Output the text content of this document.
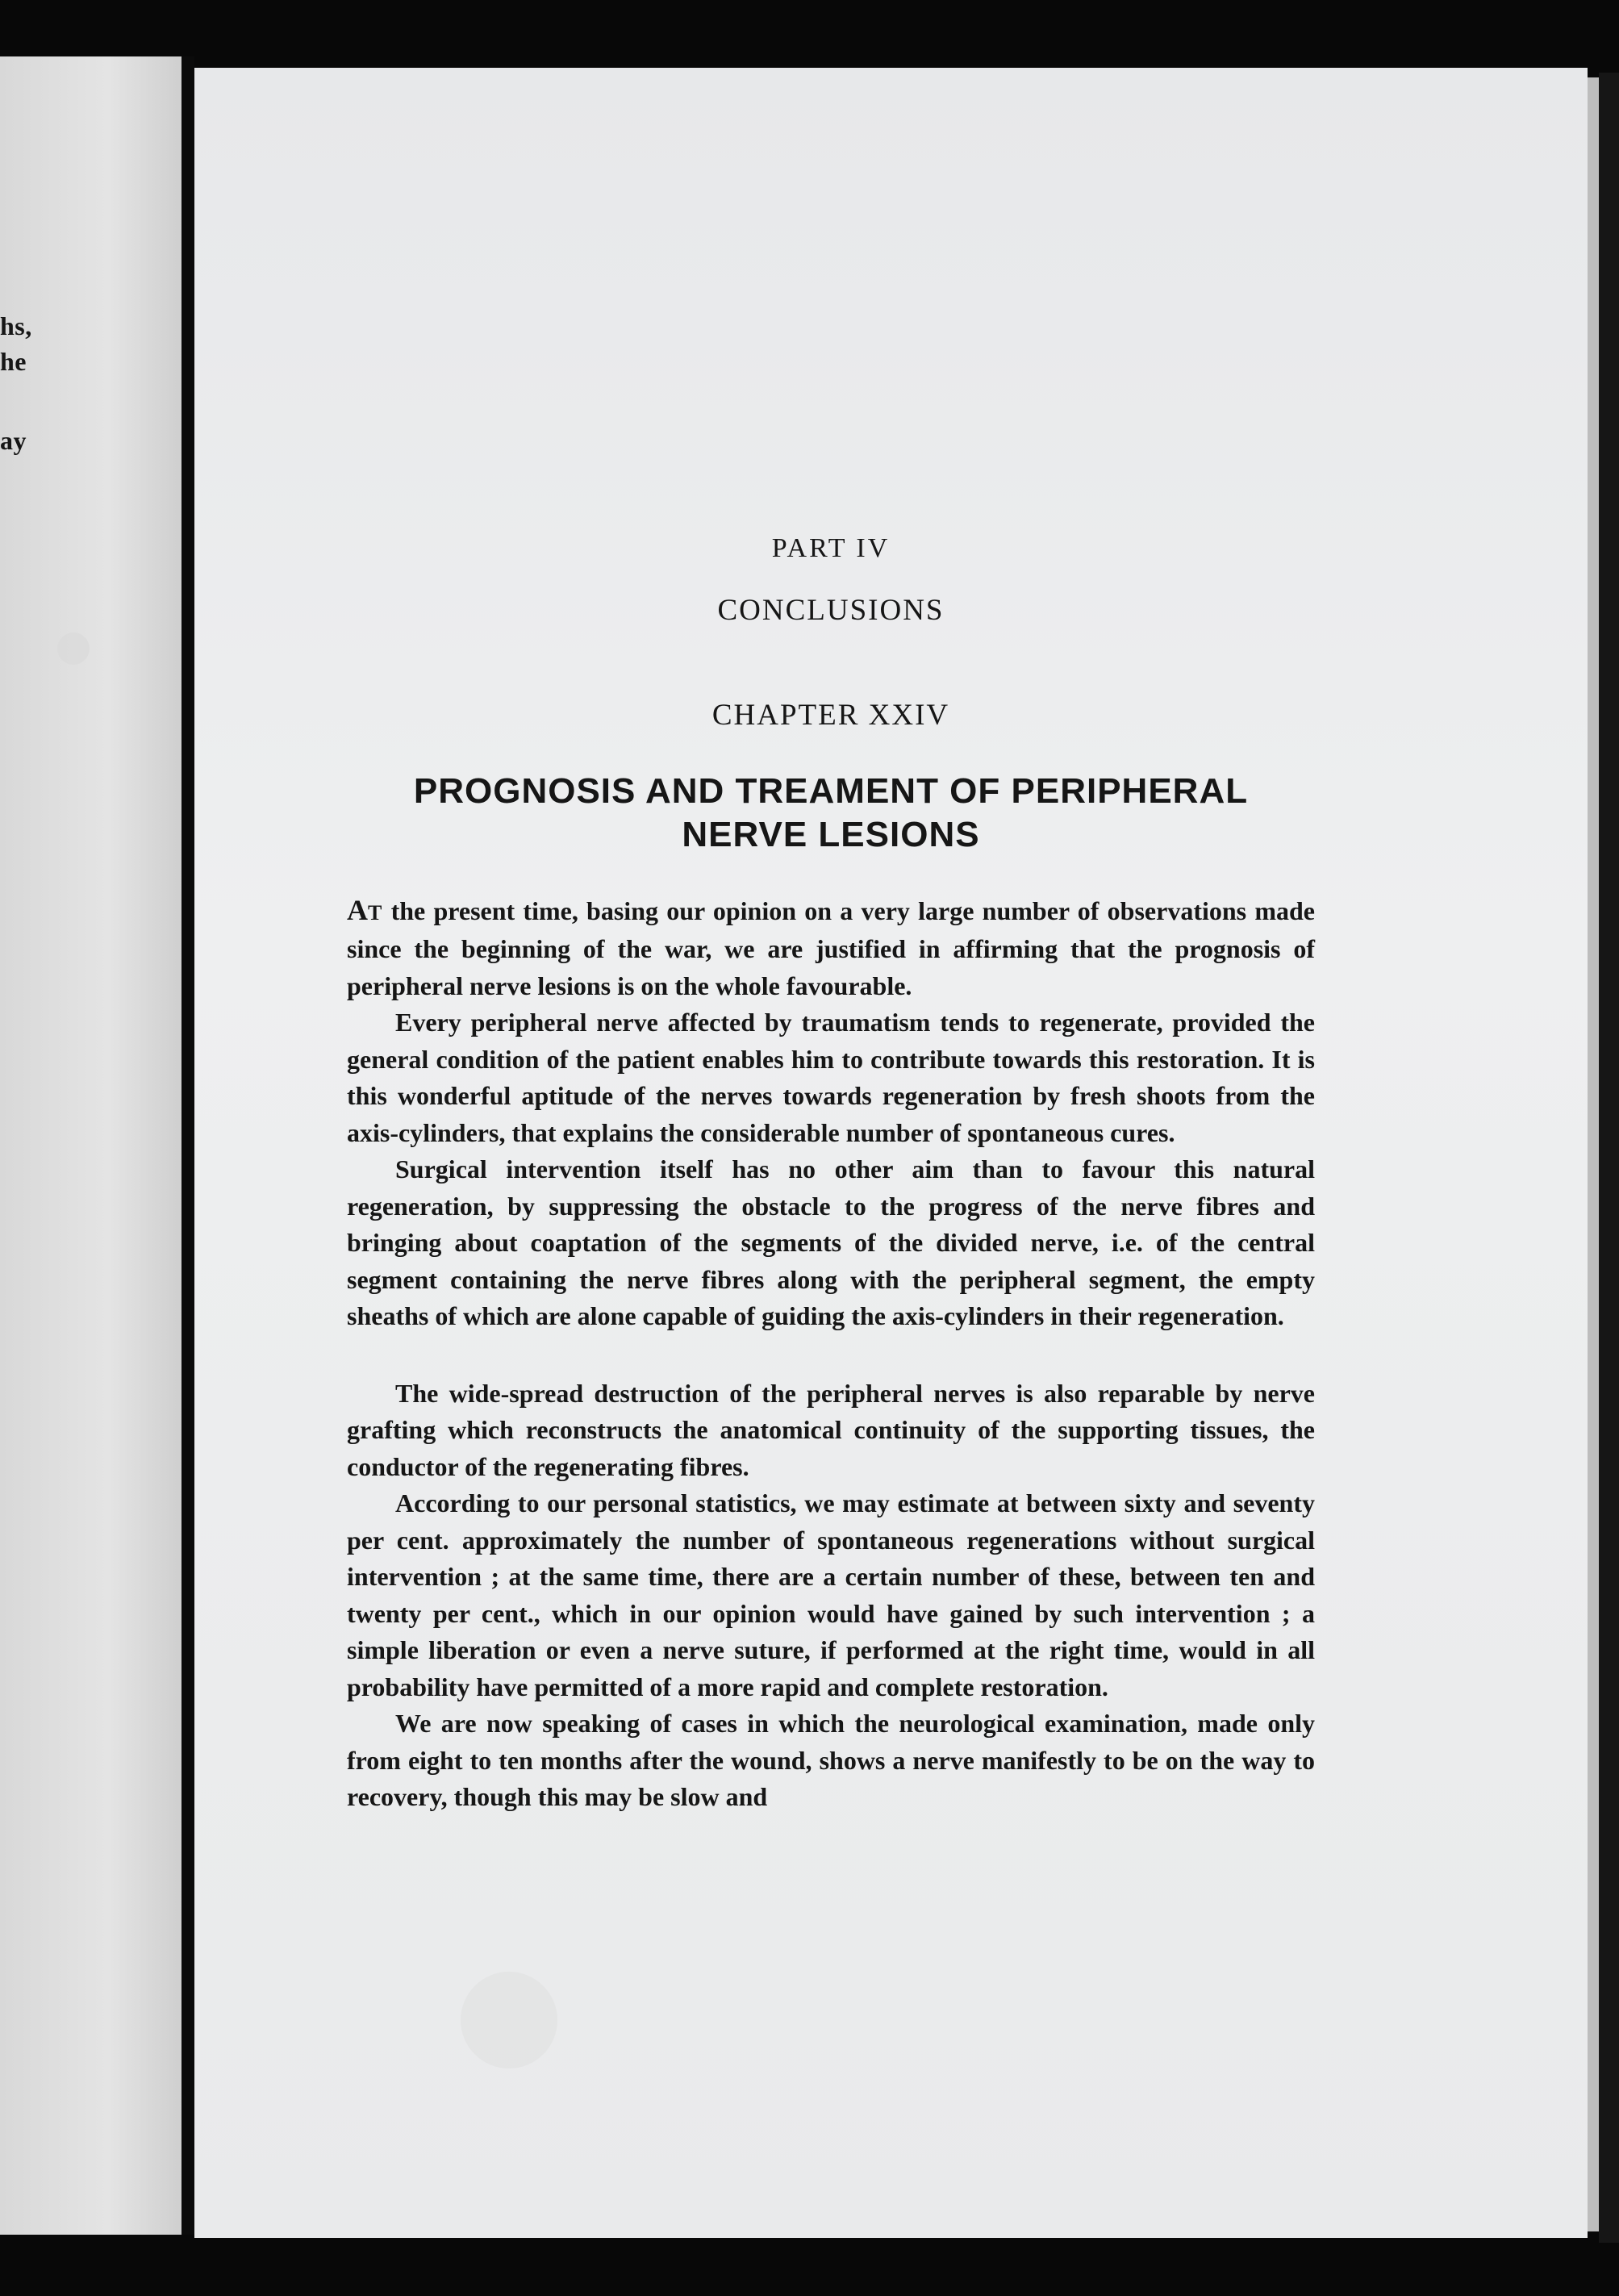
hs,

he

ay

PART IV
CONCLUSIONS
CHAPTER XXIV
PROGNOSIS AND TREAMENT OF PERIPHERAL
NERVE LESIONS

AT the present time, basing our opinion on a very large number of observations made since the beginning of the war, we are justified in affirming that the prognosis of peripheral nerve lesions is on the whole favourable.

Every peripheral nerve affected by traumatism tends to regenerate, provided the general condition of the patient enables him to contribute towards this restoration. It is this wonderful aptitude of the nerves towards regeneration by fresh shoots from the axis-cylinders, that explains the considerable number of spontaneous cures.

Surgical intervention itself has no other aim than to favour this natural regeneration, by suppressing the obstacle to the progress of the nerve fibres and bringing about coaptation of the segments of the divided nerve, i.e. of the central segment containing the nerve fibres along with the peripheral segment, the empty sheaths of which are alone capable of guiding the axis-cylinders in their regeneration.

The wide-spread destruction of the peripheral nerves is also reparable by nerve grafting which reconstructs the anatomical continuity of the supporting tissues, the conductor of the regenerating fibres.

According to our personal statistics, we may estimate at between sixty and seventy per cent. approximately the number of spontaneous regenerations without surgical intervention ; at the same time, there are a certain number of these, between ten and twenty per cent., which in our opinion would have gained by such intervention ; a simple liberation or even a nerve suture, if performed at the right time, would in all probability have permitted of a more rapid and complete restoration.

We are now speaking of cases in which the neurological examination, made only from eight to ten months after the wound, shows a nerve manifestly to be on the way to recovery, though this may be slow and
